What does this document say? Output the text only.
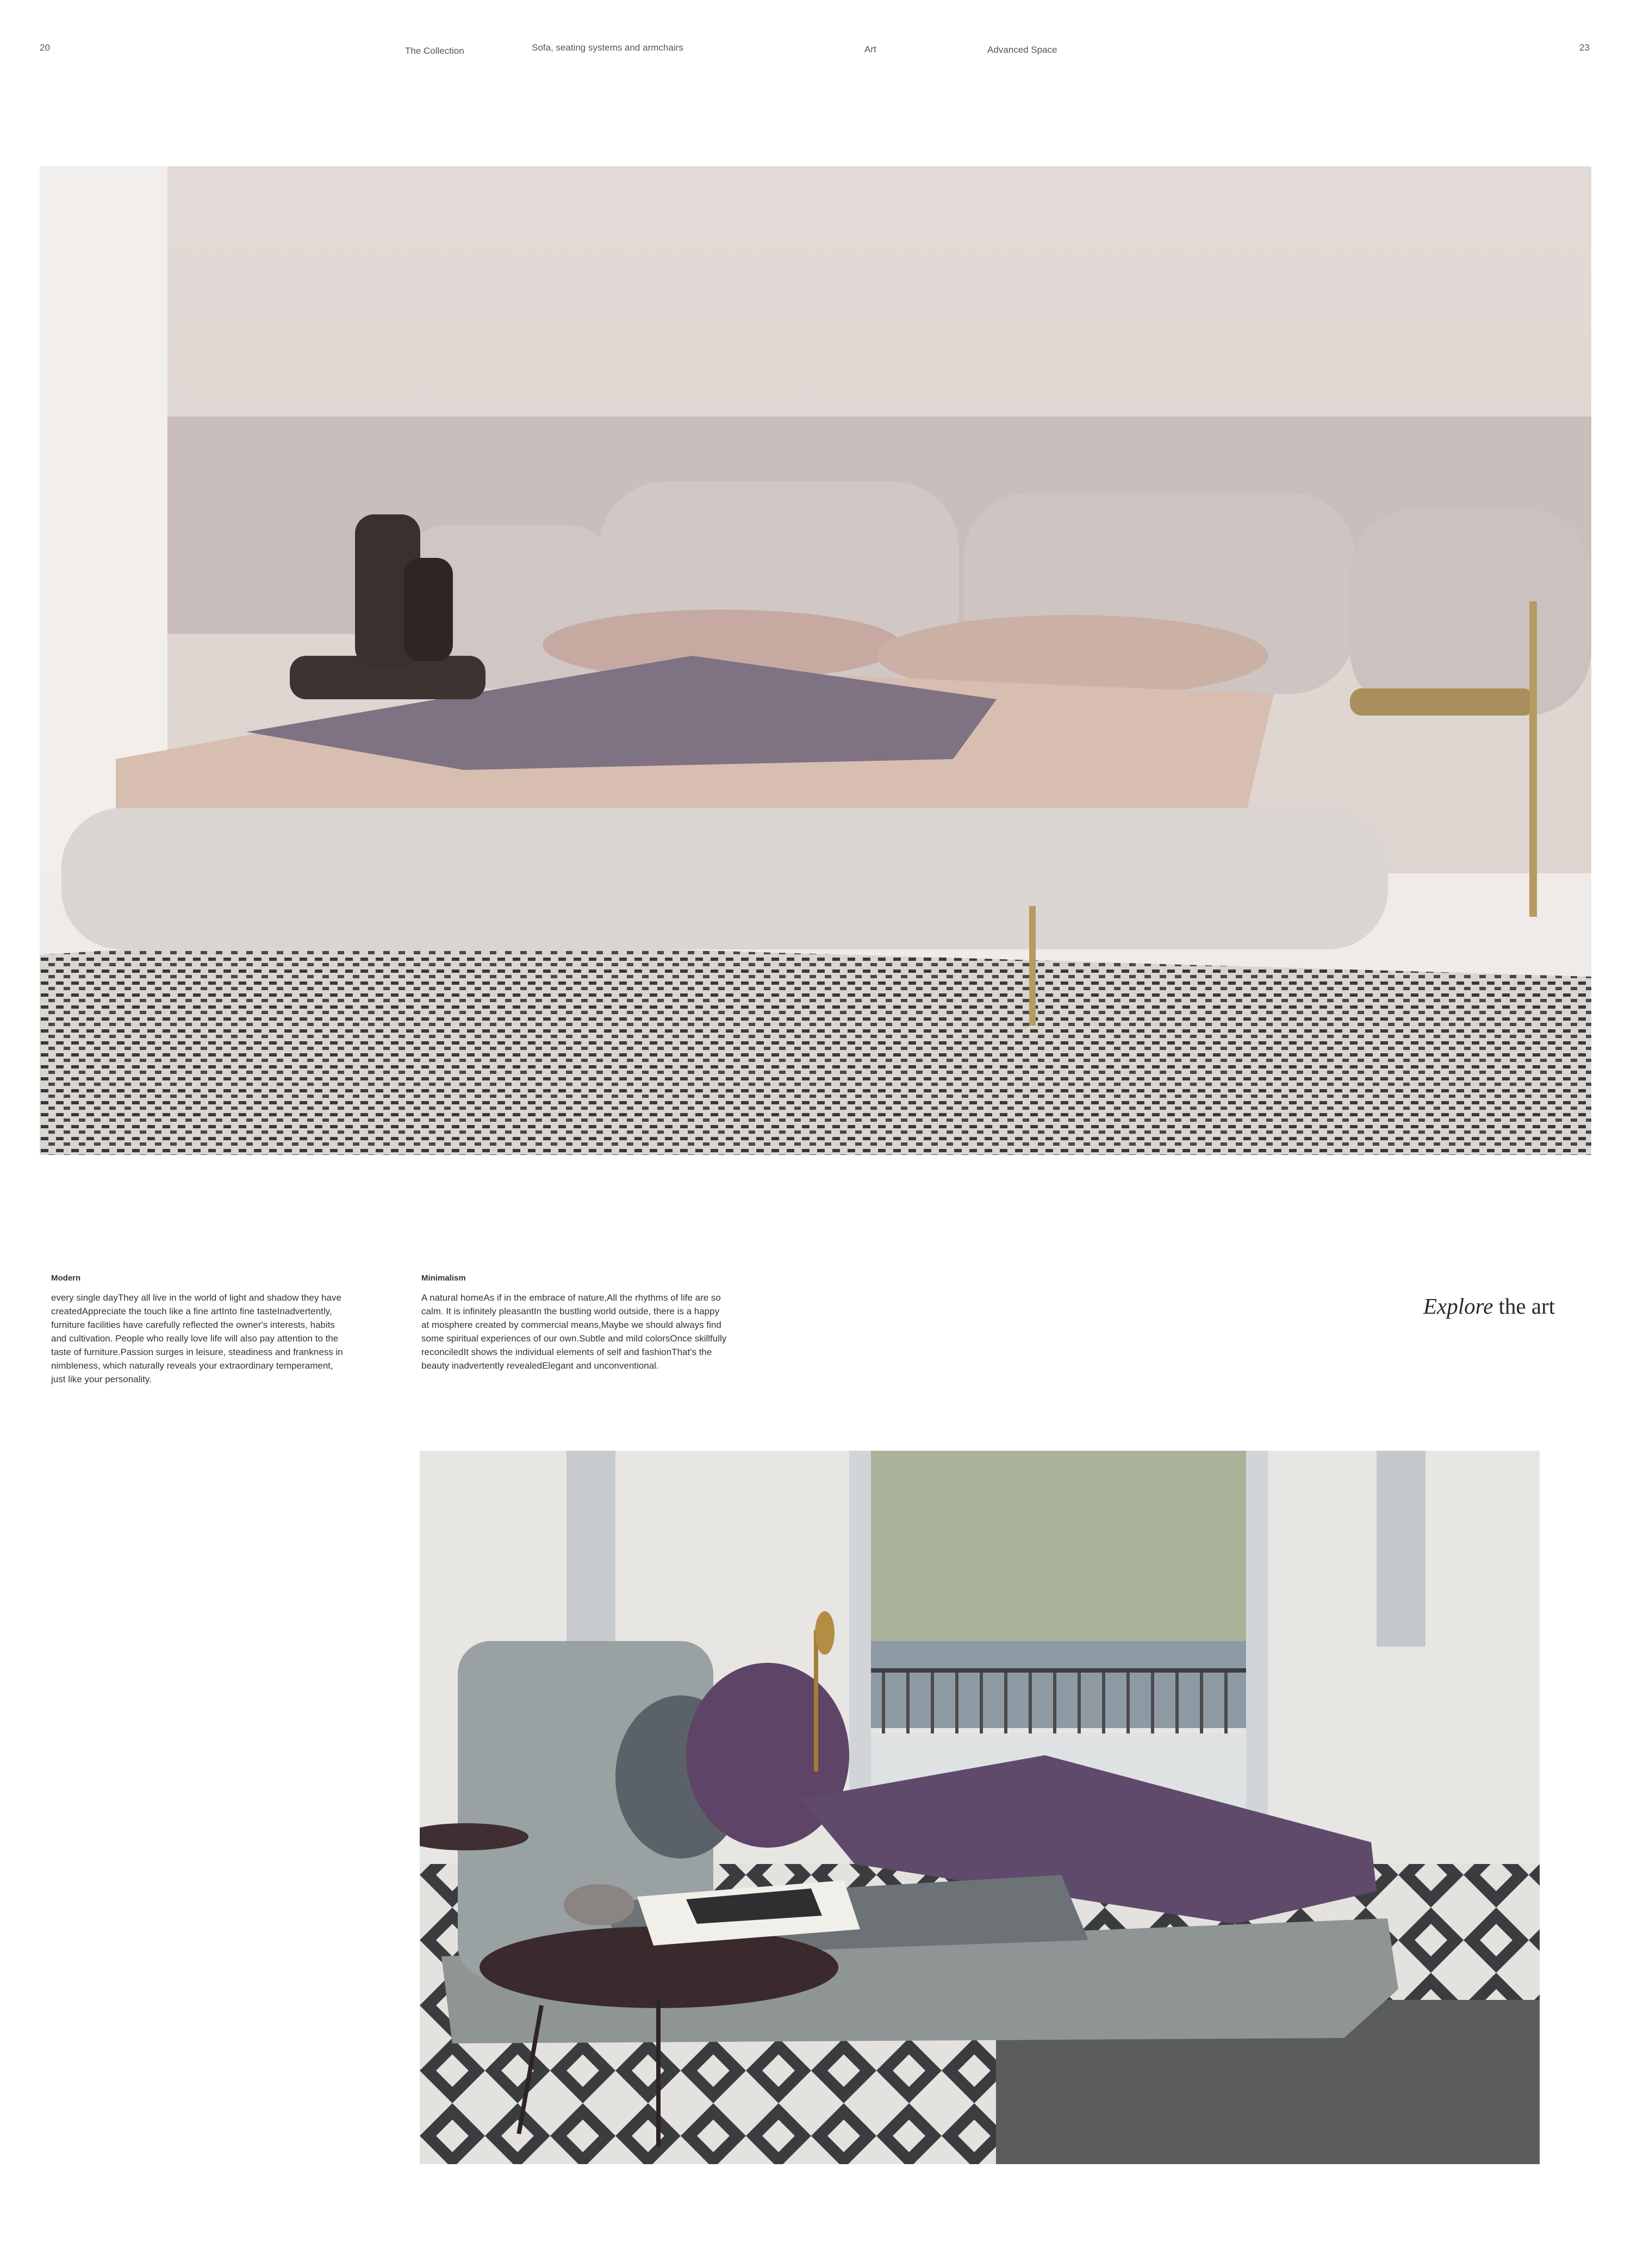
20	The Collection	Sofa, seating systems and armchairs	Art	Advanced Space	23
Modern
every single dayThey all live in the world of light and shadow they have
createdAppreciate the touch like a fine artInto fine tasteInadvertently,
furniture facilities have carefully reflected the owner's interests, habits
and cultivation. People who really love life will also pay attention to the
taste of furniture.Passion surges in leisure, steadiness and frankness in
nimbleness, which naturally reveals your extraordinary temperament,
just like your personality.
Minimalism
A natural homeAs if in the embrace of nature,All the rhythms of life are so
calm. It is infinitely pleasantIn the bustling world outside, there is a happy
at mosphere created by commercial means,Maybe we should always find
some spiritual experiences of our own.Subtle and mild colorsOnce skillfully
reconciledIt shows the individual elements of self and fashionThat's the
beauty inadvertently revealedElegant and unconventional.
Explore the art
